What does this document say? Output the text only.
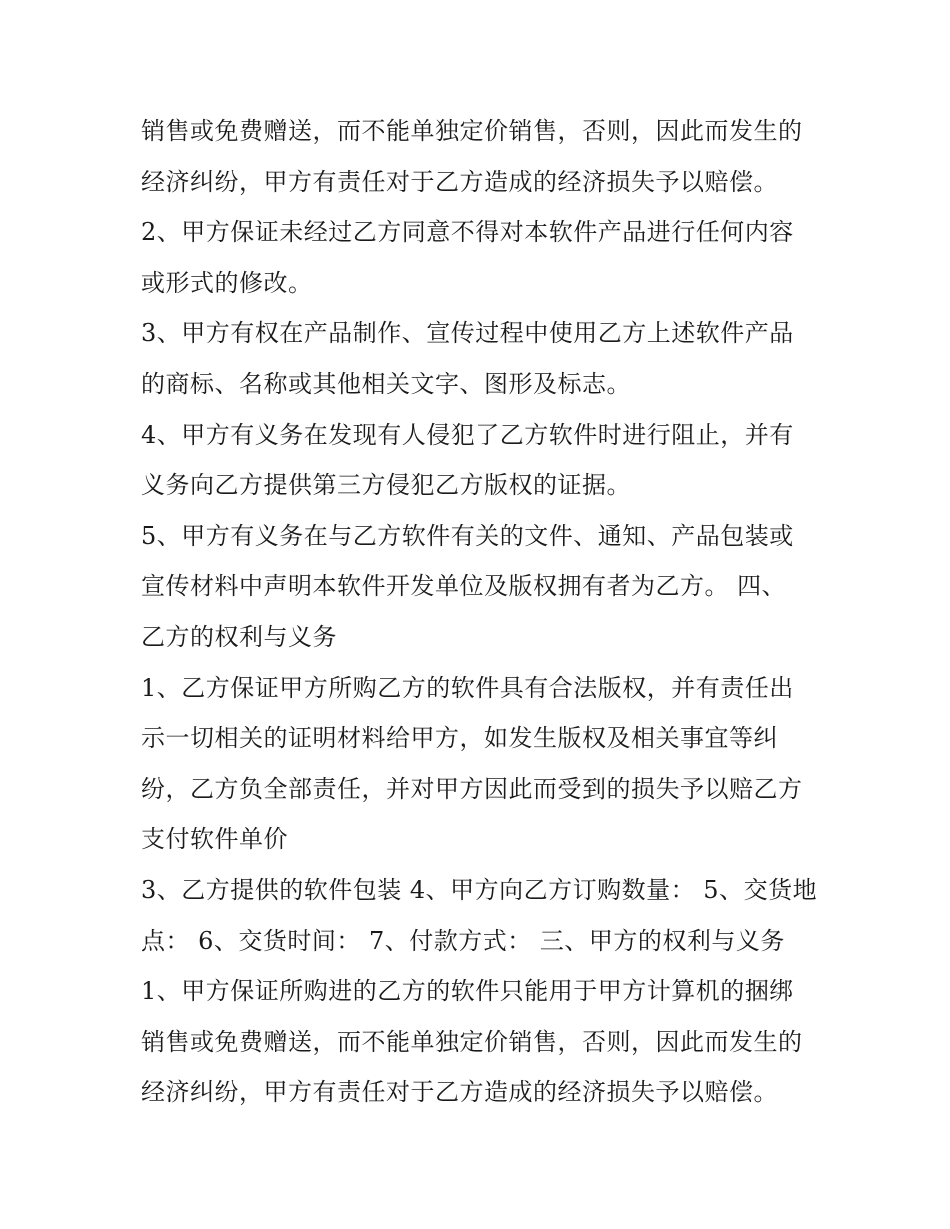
销售或免费赠送，而不能单独定价销售，否则，因此而发生的
经济纠纷，甲方有责任对于乙方造成的经济损失予以赔偿。
2、甲方保证未经过乙方同意不得对本软件产品进行任何内容
或形式的修改。
3、甲方有权在产品制作、宣传过程中使用乙方上述软件产品
的商标、名称或其他相关文字、图形及标志。
4、甲方有义务在发现有人侵犯了乙方软件时进行阻止，并有
义务向乙方提供第三方侵犯乙方版权的证据。
5、甲方有义务在与乙方软件有关的文件、通知、产品包装或
宣传材料中声明本软件开发单位及版权拥有者为乙方。 四、
乙方的权利与义务
1、乙方保证甲方所购乙方的软件具有合法版权，并有责任出
示一切相关的证明材料给甲方，如发生版权及相关事宜等纠
纷，乙方负全部责任，并对甲方因此而受到的损失予以赔乙方
支付软件单价
3、乙方提供的软件包装 4、甲方向乙方订购数量： 5、交货地
点： 6、交货时间： 7、付款方式： 三、甲方的权利与义务
1、甲方保证所购进的乙方的软件只能用于甲方计算机的捆绑
销售或免费赠送，而不能单独定价销售，否则，因此而发生的
经济纠纷，甲方有责任对于乙方造成的经济损失予以赔偿。
